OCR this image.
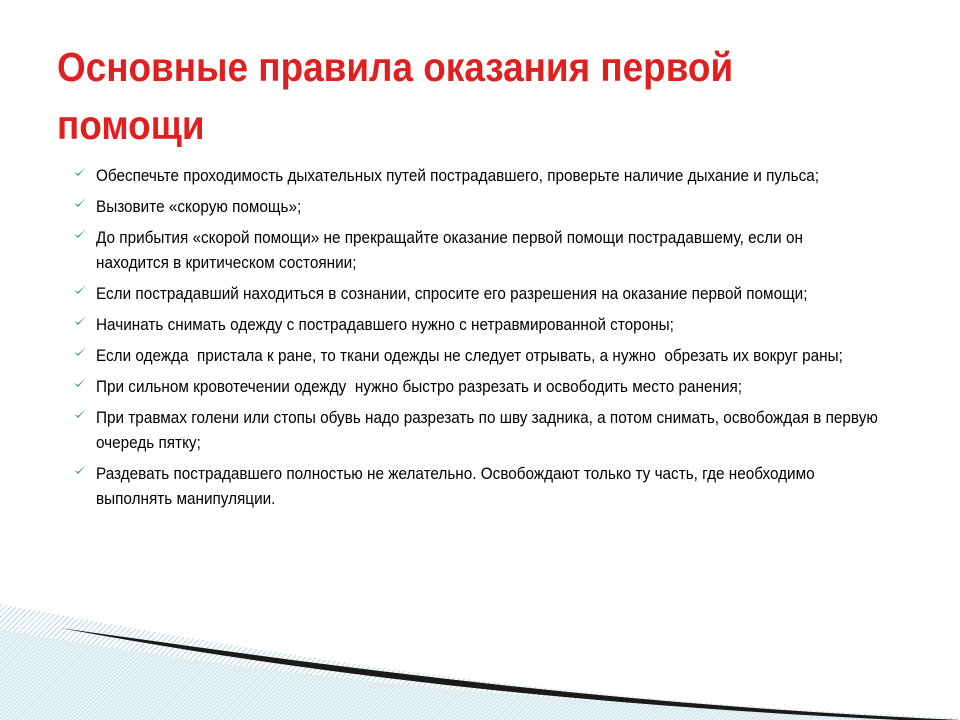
Основные правила оказания первой
помощи
Обеспечьте проходимость дыхательных путей пострадавшего, проверьте наличие дыхание и пульса;
Вызовите «скорую помощь»;
До прибытия «скорой помощи» не прекращайте оказание первой помощи пострадавшему, если он находится в критическом состоянии;
Если пострадавший находиться в сознании, спросите его разрешения на оказание первой помощи;
Начинать снимать одежду с пострадавшего нужно с нетравмированной стороны;
Если одежда  пристала к ране, то ткани одежды не следует отрывать, а нужно  обрезать их вокруг раны;
При сильном кровотечении одежду  нужно быстро разрезать и освободить место ранения;
При травмах голени или стопы обувь надо разрезать по шву задника, а потом снимать, освобождая в первую очередь пятку;
Раздевать пострадавшего полностью не желательно. Освобождают только ту часть, где необходимо выполнять манипуляции.
